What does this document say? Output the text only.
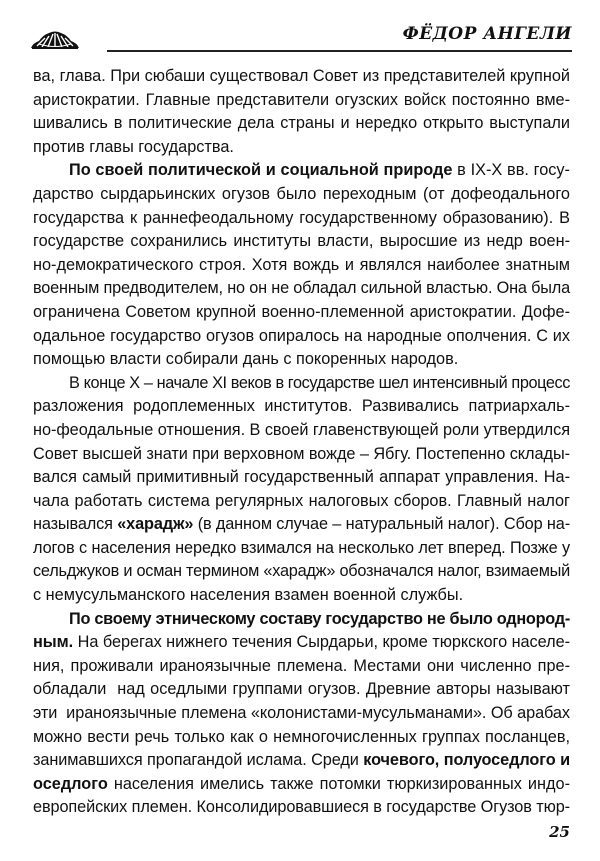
ФЁДОР АНГЕЛИ
ва, глава. При сюбаши существовал Совет из представителей крупной
аристократии. Главные представители огузских войск постоянно вме-
шивались в политические дела страны и нередко открыто выступали
против главы государства.
По своей политической и социальной природе в IX-X вв. госу-
дарство сырдарьинских огузов было переходным (от дофеодального
государства к раннефеодальному государственному образованию). В
государстве сохранились институты власти, выросшие из недр воен-
но-демократического строя. Хотя вождь и являлся наиболее знатным
военным предводителем, но он не обладал сильной властью. Она была
ограничена Советом крупной военно-племенной аристократии. Дофе-
одальное государство огузов опиралось на народные ополчения. С их
помощью власти собирали дань с покоренных народов.
В конце X – начале XI веков в государстве шел интенсивный процесс
разложения родоплеменных институтов. Развивались патриархаль-
но-феодальные отношения. В своей главенствующей роли утвердился
Совет высшей знати при верховном вожде – Ябгу. Постепенно склады-
вался самый примитивный государственный аппарат управления. На-
чала работать система регулярных налоговых сборов. Главный налог
назывался «харадж» (в данном случае – натуральный налог). Сбор на-
логов с населения нередко взимался на несколько лет вперед. Позже у
сельджуков и осман термином «харадж» обозначался налог, взимаемый
с немусульманского населения взамен военной службы.
По своему этническому составу государство не было однород-
ным. На берегах нижнего течения Сырдарьи, кроме тюркского населе-
ния, проживали ираноязычные племена. Местами они численно пре-
обладали  над оседлыми группами огузов. Древние авторы называют
эти  ираноязычные племена «колонистами-мусульманами». Об арабах
можно вести речь только как о немногочисленных группах посланцев,
занимавшихся пропагандой ислама. Среди кочевого, полуоседлого и
оседлого населения имелись также потомки тюркизированных индо-
европейских племен. Консолидировавшиеся в государстве Огузов тюр-
25
